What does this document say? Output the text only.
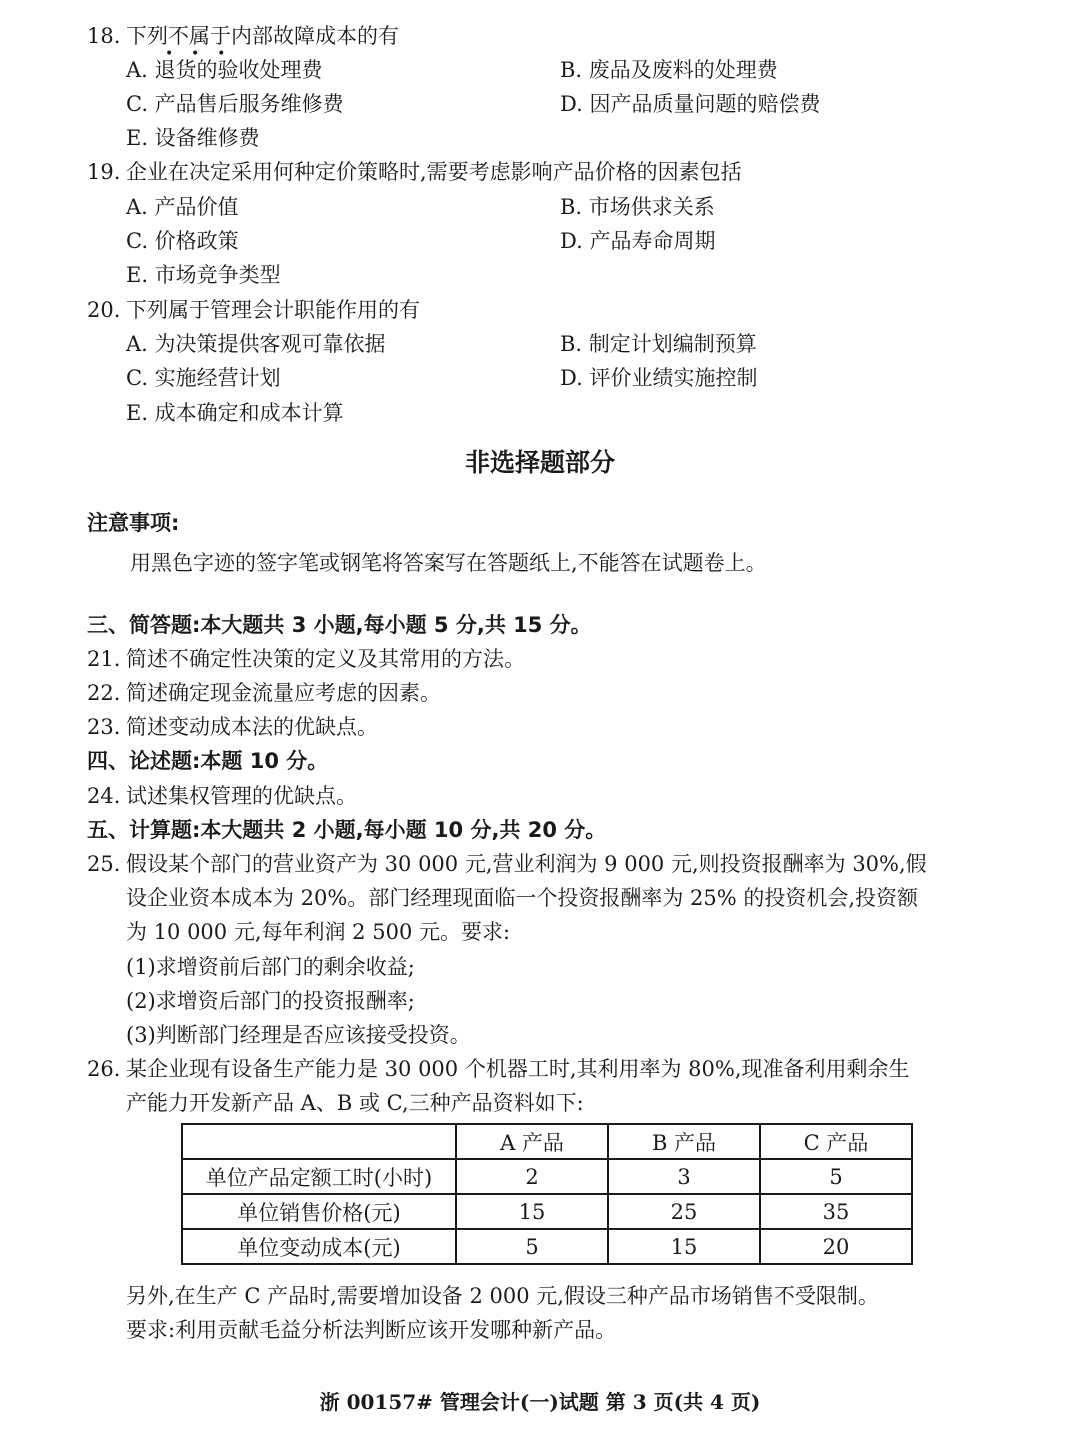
18. 下列不属于内部故障成本的有
•    •    •
A. 退货的验收处理费	B. 废品及废料的处理费
C. 产品售后服务维修费	D. 因产品质量问题的赔偿费
E. 设备维修费
19. 企业在决定采用何种定价策略时,需要考虑影响产品价格的因素包括
A. 产品价值	B. 市场供求关系
C. 价格政策	D. 产品寿命周期
E. 市场竞争类型
20. 下列属于管理会计职能作用的有
A. 为决策提供客观可靠依据	B. 制定计划编制预算
C. 实施经营计划	D. 评价业绩实施控制
E. 成本确定和成本计算
非选择题部分
注意事项:
用黑色字迹的签字笔或钢笔将答案写在答题纸上,不能答在试题卷上。
三、简答题:本大题共 3 小题,每小题 5 分,共 15 分。
21. 简述不确定性决策的定义及其常用的方法。
22. 简述确定现金流量应考虑的因素。
23. 简述变动成本法的优缺点。
四、论述题:本题 10 分。
24. 试述集权管理的优缺点。
五、计算题:本大题共 2 小题,每小题 10 分,共 20 分。
25. 假设某个部门的营业资产为 30 000 元,营业利润为 9 000 元,则投资报酬率为 30%,假
设企业资本成本为 20%。部门经理现面临一个投资报酬率为 25% 的投资机会,投资额
为 10 000 元,每年利润 2 500 元。要求:
(1)求增资前后部门的剩余收益;
(2)求增资后部门的投资报酬率;
(3)判断部门经理是否应该接受投资。
26. 某企业现有设备生产能力是 30 000 个机器工时,其利用率为 80%,现准备利用剩余生
产能力开发新产品 A、B 或 C,三种产品资料如下:
	A 产品	B 产品	C 产品
单位产品定额工时(小时)	2	3	5
单位销售价格(元)	15	25	35
单位变动成本(元)	5	15	20
另外,在生产 C 产品时,需要增加设备 2 000 元,假设三种产品市场销售不受限制。
要求:利用贡献毛益分析法判断应该开发哪种新产品。
浙 00157# 管理会计(一)试题 第 3 页(共 4 页)
